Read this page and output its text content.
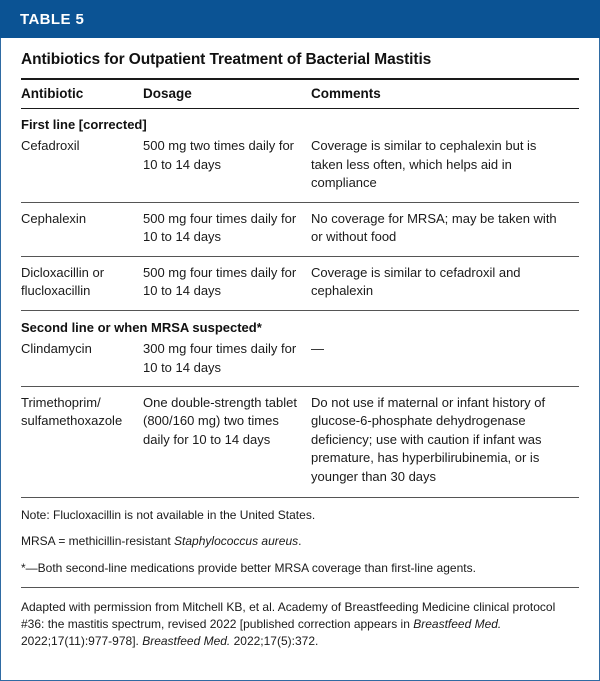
TABLE 5
Antibiotics for Outpatient Treatment of Bacterial Mastitis
Antibiotic	Dosage	Comments
First line [corrected]		
Cefadroxil	500 mg two times daily for 10 to 14 days	Coverage is similar to cephalexin but is taken less often, which helps aid in compliance

Cephalexin	500 mg four times daily for 10 to 14 days	No coverage for MRSA; may be taken with or without food

Dicloxacillin or flucloxacillin	500 mg four times daily for 10 to 14 days	Coverage is similar to cefadroxil and cephalexin

Second line or when MRSA suspected*		
Clindamycin	300 mg four times daily for 10 to 14 days	—

Trimethoprim/ sulfamethoxazole	One double-strength tablet (800/160 mg) two times daily for 10 to 14 days	Do not use if maternal or infant history of glucose-6-phosphate dehydrogenase deficiency; use with caution if infant was premature, has hyperbilirubinemia, or is younger than 30 days
Note: Flucloxacillin is not available in the United States.
MRSA = methicillin-resistant Staphylococcus aureus.
*—Both second-line medications provide better MRSA coverage than first-line agents.
Adapted with permission from Mitchell KB, et al. Academy of Breastfeeding Medicine clinical protocol #36: the mastitis spectrum, revised 2022 [published correction appears in Breastfeed Med. 2022;17(11):977-978]. Breastfeed Med. 2022;17(5):372.
